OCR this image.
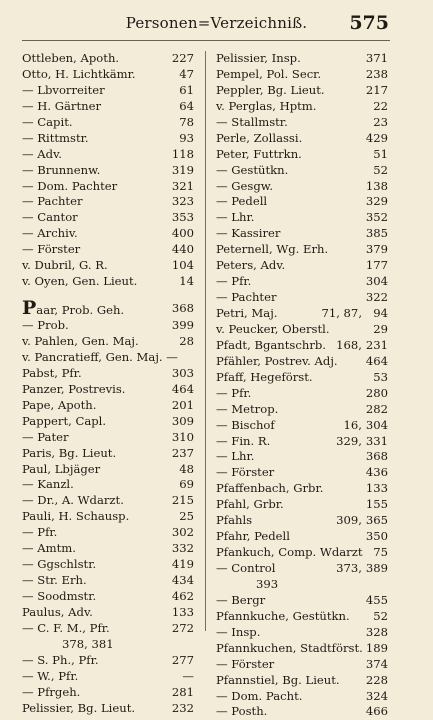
Personen=Verzeichniß.	575
Ottleben, Apoth.	227
Otto, H. Lichtkämr.	47
— Lbvorreiter	61
— H. Gärtner	64
— Capit.	78
— Rittmstr.	93
— Adv.	118
— Brunnenw.	319
— Dom. Pachter	321
— Pachter	323
— Cantor	353
— Archiv.	400
— Förster	440
v. Dubril, G. R.	104
v. Oyen, Gen. Lieut.	14
Paar, Prob. Geh.	368
— Prob.	399
v. Pahlen, Gen. Maj.	28
v. Pancratieff, Gen. Maj. —
Pabst, Pfr.	303
Panzer, Postrevis.	464
Pape, Apoth.	201
Pappert, Capl.	309
— Pater	310
Paris, Bg. Lieut.	237
Paul, Lbjäger	48
— Kanzl.	69
— Dr., A. Wdarzt.	215
Pauli, H. Schausp.	25
— Pfr.	302
— Amtm.	332
— Ggschlstr.	419
— Str. Erh.	434
— Soodmstr.	462
Paulus, Adv.	133
— C. F. M., Pfr.	272
378, 381
— S. Ph., Pfr.	277
— W., Pfr.	—
— Pfrgeh.	281
Pelissier, Bg. Lieut.	232
Pelissier, Insp.	371
Pempel, Pol. Secr.	238
Peppler, Bg. Lieut.	217
v. Perglas, Hptm.	22
— Stallmstr.	23
Perle, Zollassi.	429
Peter, Futtrkn.	51
— Gestütkn.	52
— Gesgw.	138
— Pedell	329
— Lhr.	352
— Kassirer	385
Peternell, Wg. Erh.	379
Peters, Adv.	177
— Pfr.	304
— Pachter	322
Petri, Maj.	71, 87, 94
v. Peucker, Oberstl.	29
Pfadt, Bgantschrb. 168, 231
Pfähler, Postrev. Adj. 464
Pfaff, Hegeförst.	53
— Pfr.	280
— Metrop.	282
— Bischof	16, 304
— Fin. R.	329, 331
— Lhr.	368
— Förster	436
Pfaffenbach, Grbr.	133
Pfahl, Grbr.	155
Pfahls	309, 365
Pfahr, Pedell	350
Pfankuch, Comp. Wdarzt 75
— Control	373, 389
393
— Bergr	455
Pfannkuche, Gestütkn. 52
— Insp.	328
Pfannkuchen, Stadtförst. 189
— Förster	374
Pfannstiel, Bg. Lieut. 228
— Dom. Pacht.	324
— Posth.	466
